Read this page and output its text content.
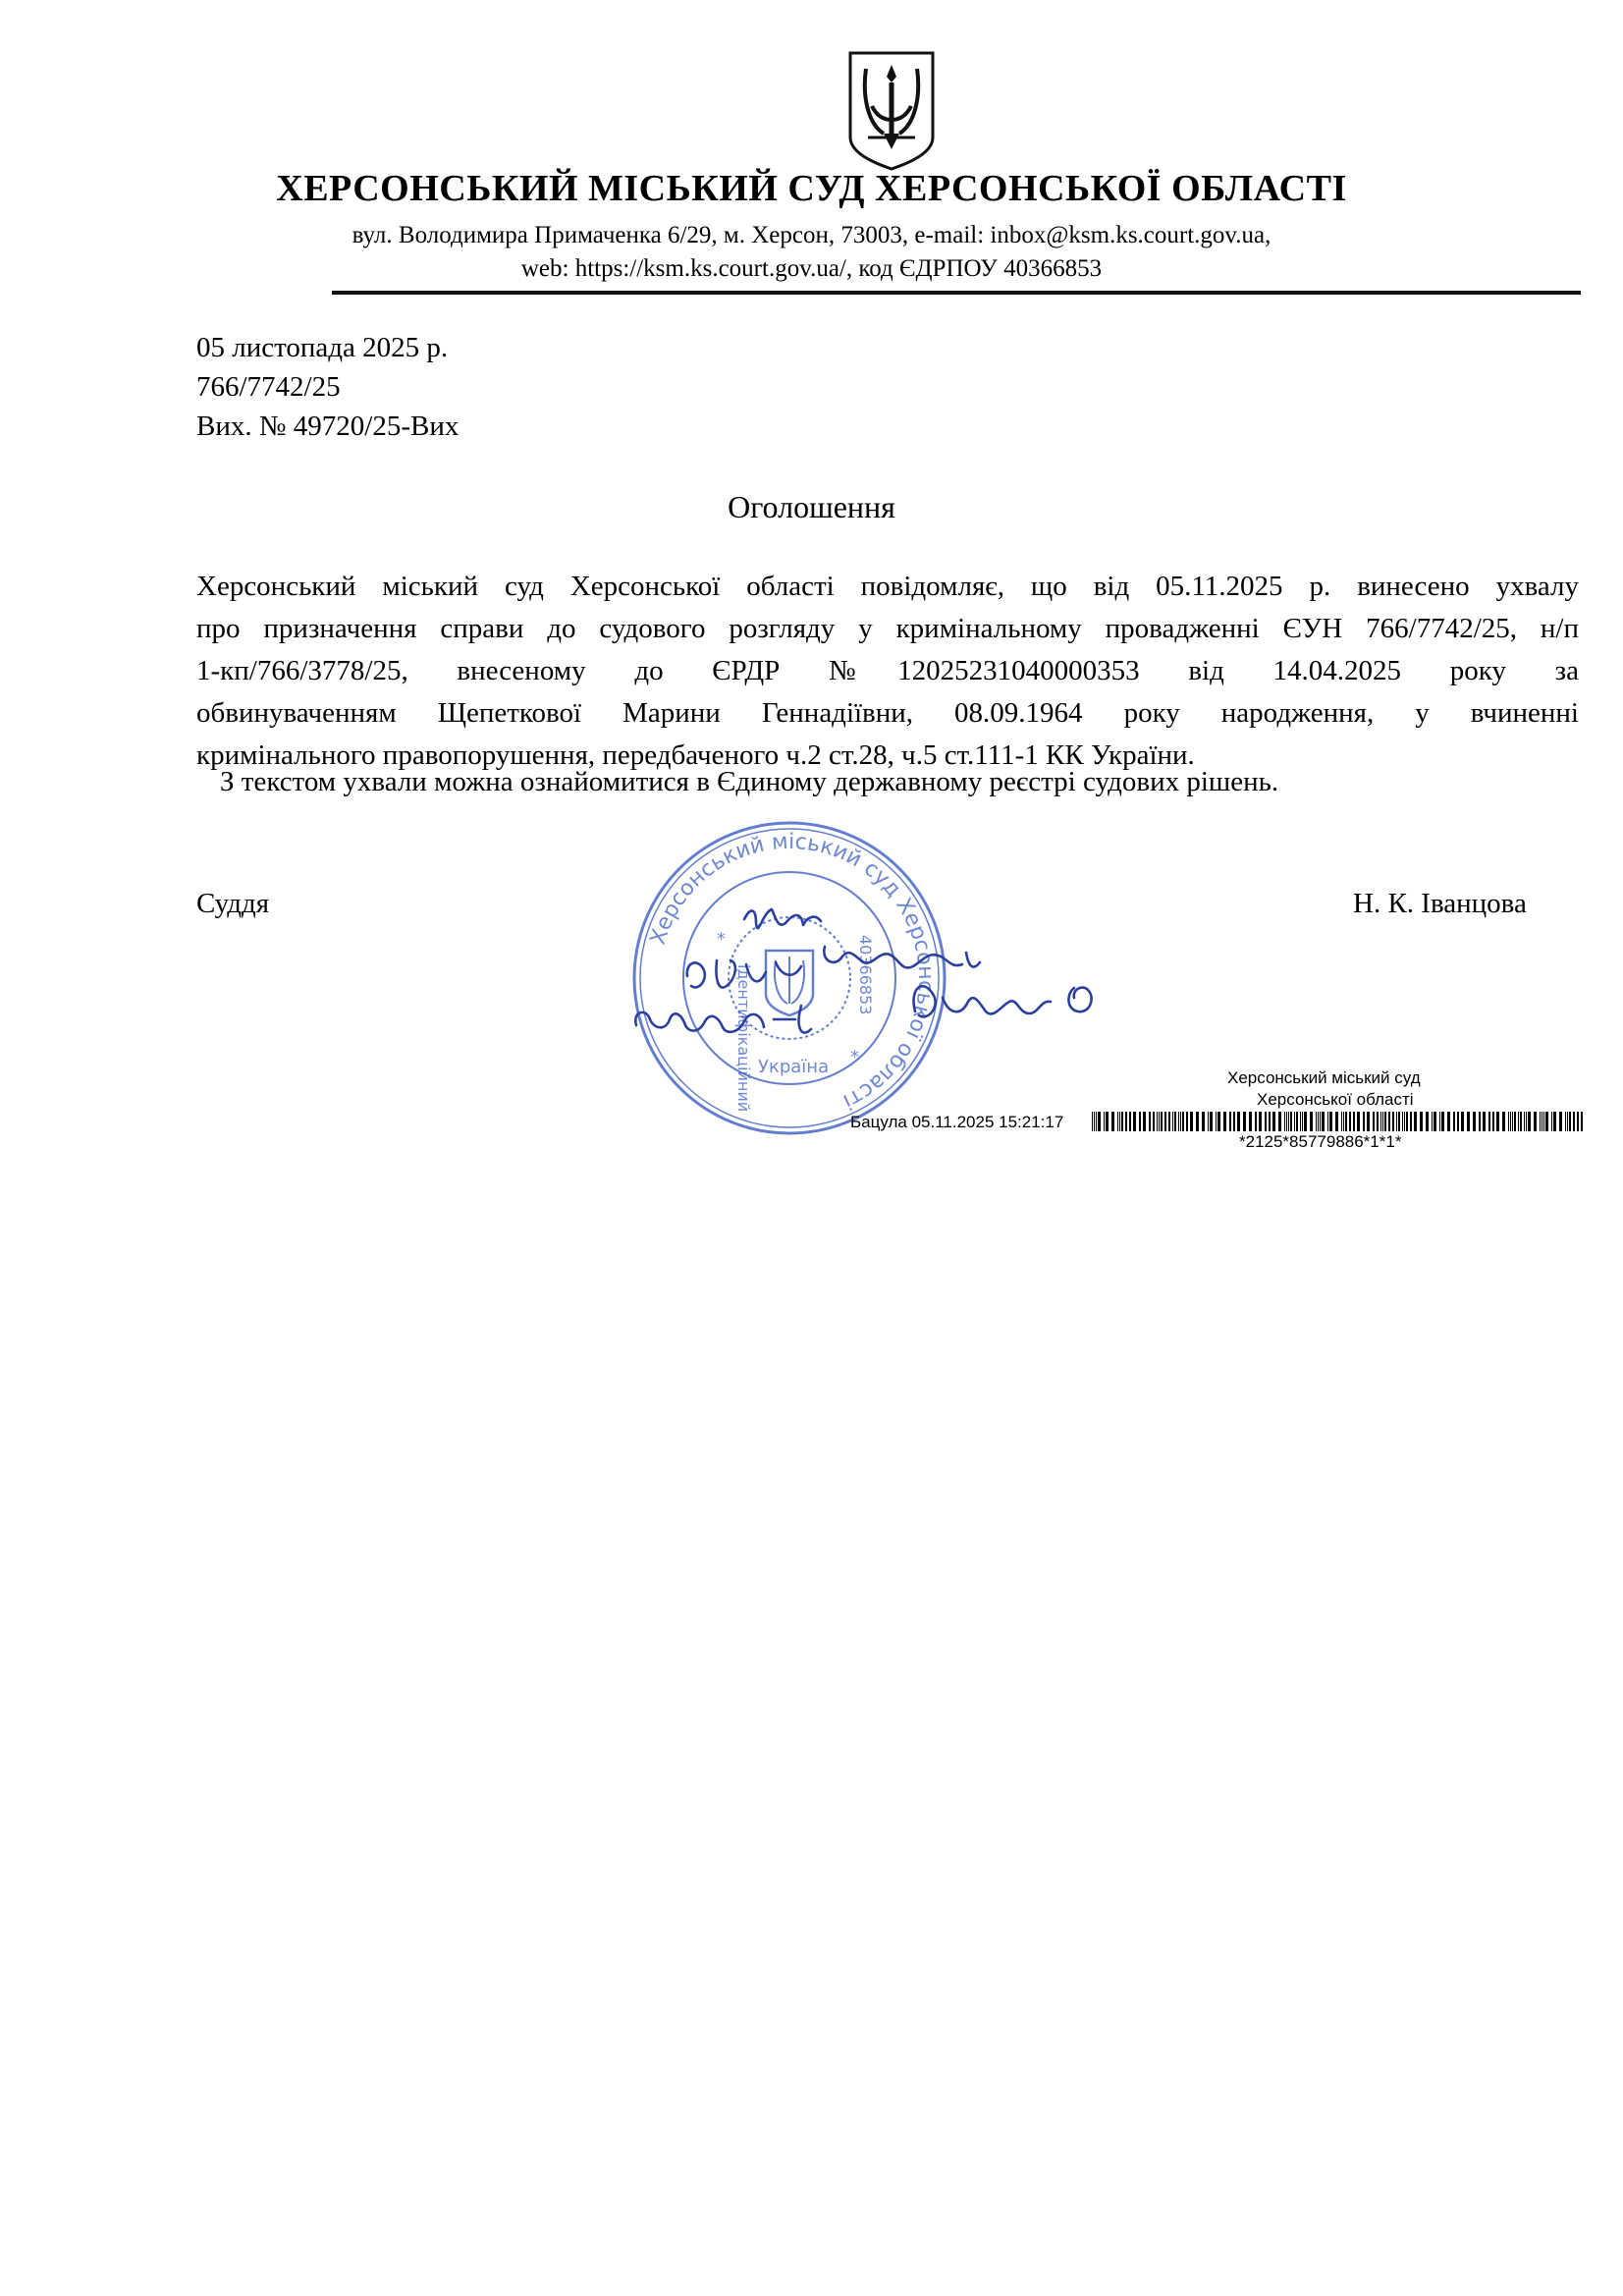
ХЕРСОНСЬКИЙ МІСЬКИЙ СУД ХЕРСОНСЬКОЇ ОБЛАСТІ
вул. Володимира Примаченка 6/29, м. Херсон, 73003, e-mail: inbox@ksm.ks.court.gov.ua,
web: https://ksm.ks.court.gov.ua/, код ЄДРПОУ 40366853
05 листопада 2025 р.
766/7742/25
Вих. № 49720/25-Вих
Оголошення
Херсонський міський суд Херсонської області повідомляє, що від 05.11.2025 р. винесено ухвалу
про призначення справи до судового розгляду у кримінальному провадженні ЄУН 766/7742/25, н/п
1-кп/766/3778/25, внесеному до ЄРДР №12025231040000353 від 14.04.2025 року за
обвинуваченням Щепеткової Марини Геннадіївни, 08.09.1964 року народження, у вчиненні
кримінального правопорушення, передбаченого ч.2 ст.28, ч.5 ст.111-1 КК України.
З текстом ухвали можна ознайомитися в Єдиному державному реєстрі судових рішень.
Суддя	Н. К. Іванцова
Херсонський міський суд Херсонської області
ідентифікаційний	40366853
Україна
*
*
Херсонський міський суд
Херсонської області
Бацула 05.11.2025 15:21:17
*2125*85779886*1*1*
